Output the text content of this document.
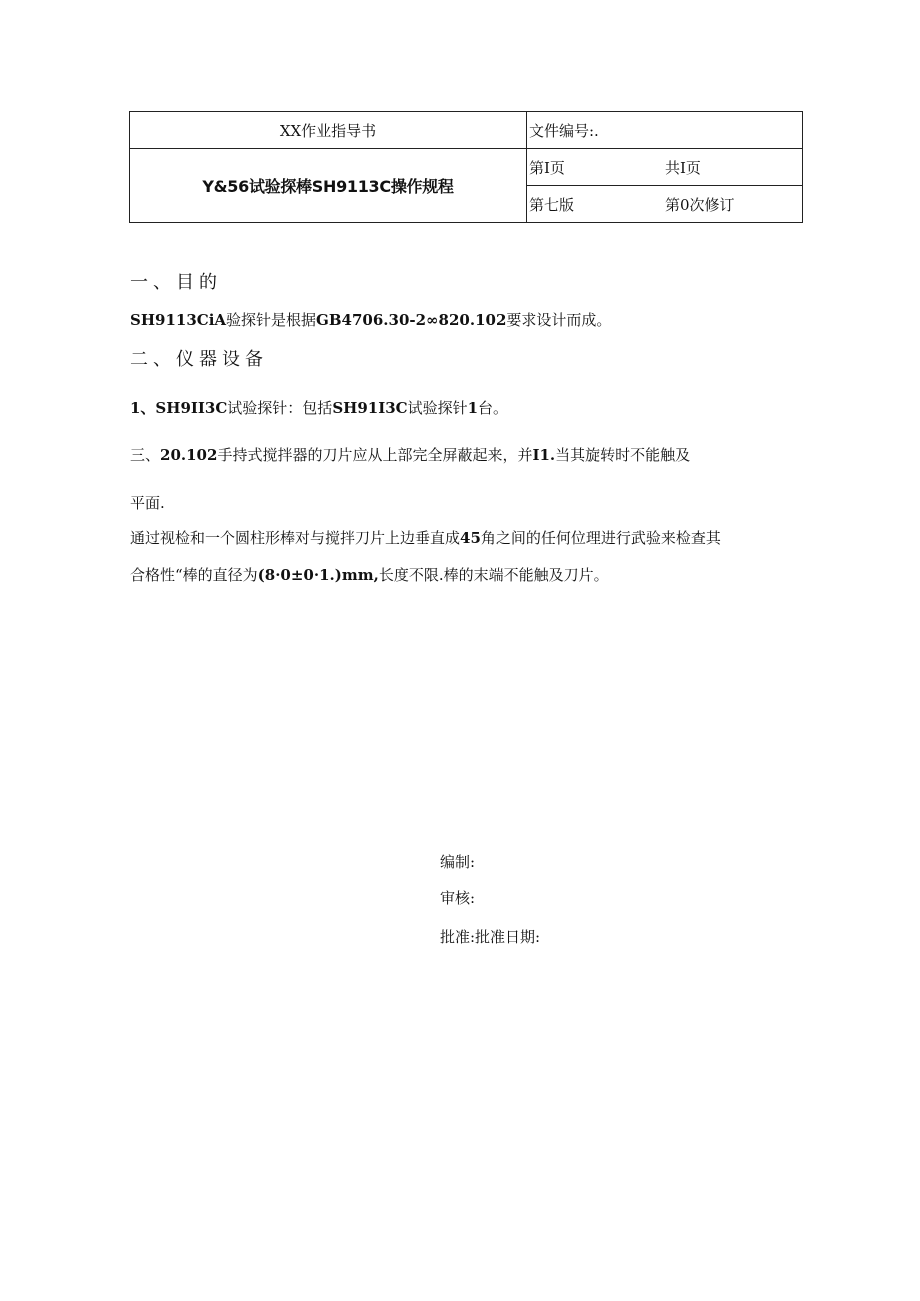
XX作业指导书	文件编号:.
Y&56试验探棒SH9113C操作规程	第I页 共I页

	第七版 第0次修订
一、目的
SH9113CiA验探针是根据GB4706.30-2∞820.102要求设计而成。
二、仪器设备
1、SH9II3C试验探针：包括SH91I3C试验探针1台。
三、20.102手持式搅拌器的刀片应从上部完全屏蔽起来，并I1.当其旋转时不能触及
平面.
通过视检和一个圆柱形棒对与搅拌刀片上边垂直成45角之间的任何位理进行武验来检查其
合格性“棒的直径为(8·0±0·1.)mm,长度不限.棒的末端不能触及刀片。
编制:
审核:
批准:批准日期:
